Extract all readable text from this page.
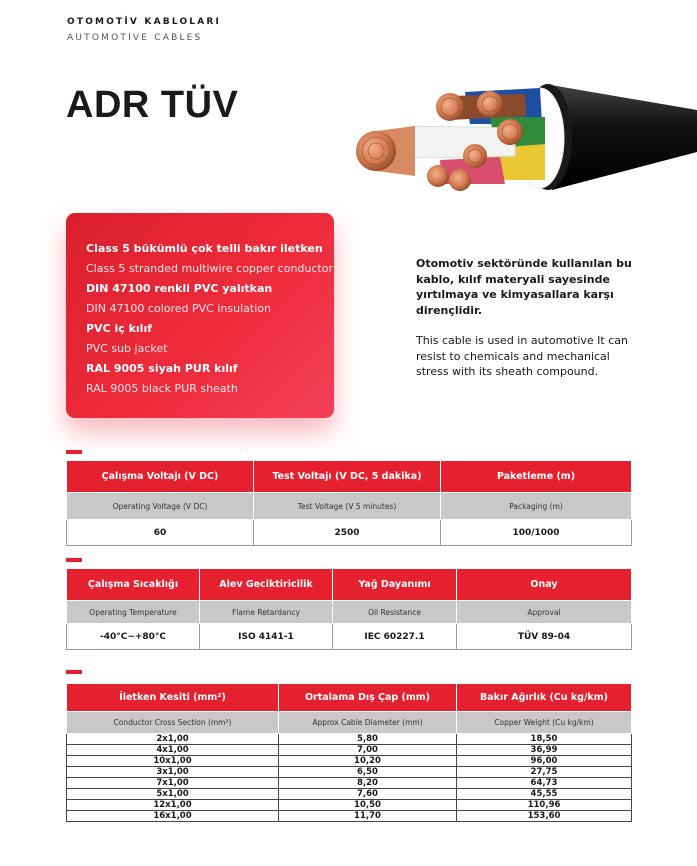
OTOMOTİV KABLOLARI
AUTOMOTIVE CABLES
ADR TÜV
Class 5 bükümlü çok telli bakır iletken
Class 5 stranded multiwire copper conductor
DIN 47100 renkli PVC yalıtkan
DIN 47100 colored PVC insulation
PVC iç kılıf
PVC sub jacket
RAL 9005 siyah PUR kılıf
RAL 9005 black PUR sheath
Otomotiv sektöründe kullanılan bu kablo, kılıf materyali sayesinde yırtılmaya ve kimyasallara karşı dirençlidir.
This cable is used in automotive It can resist to chemicals and mechanical stress with its sheath compound.
Çalışma Voltajı (V DC)	Test Voltajı (V DC, 5 dakika)	Paketleme (m)
Operating Voltage (V DC)	Test Voltage (V 5 minutes)	Packaging (m)
60	2500	100/1000
Çalışma Sıcaklığı	Alev Geciktiricilik	Yağ Dayanımı	Onay
Operating Temperature	Flame Retardancy	Oil Resistance	Approval
-40°C~+80°C	ISO 4141-1	IEC 60227.1	TÜV 89-04
İletken Kesiti (mm²)	Ortalama Dış Çap (mm)	Bakır Ağırlık (Cu kg/km)
Conductor Cross Section (mm²)	Approx Cable Diameter (mm)	Copper Weight (Cu kg/km)
2x1,00	5,80	18,50
4x1,00	7,00	36,99
10x1,00	10,20	96,00
3x1,00	6,50	27,75
7x1,00	8,20	64,73
5x1,00	7,60	45,55
12x1,00	10,50	110,96
16x1,00	11,70	153,60
